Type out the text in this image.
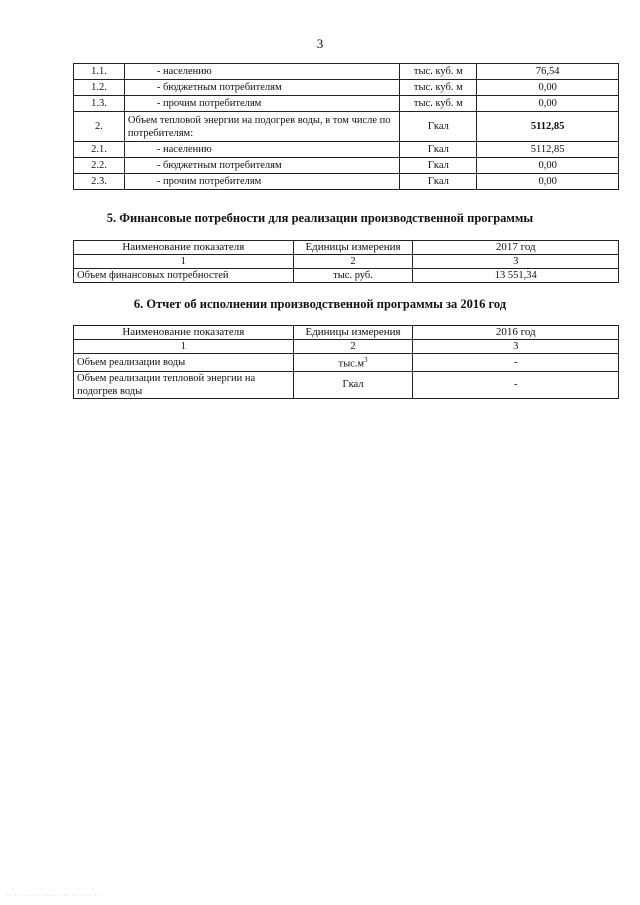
3
1.1.	- населению	тыс. куб. м	76,54
1.2.	- бюджетным потребителям	тыс. куб. м	0,00
1.3.	- прочим потребителям	тыс. куб. м	0,00
2.	Объем тепловой энергии на подогрев воды, в том числе по потребителям:	Гкал	5112,85
2.1.	- населению	Гкал	5112,85
2.2.	- бюджетным потребителям	Гкал	0,00
2.3.	- прочим потребителям	Гкал	0,00
5. Финансовые потребности для реализации производственной программы
Наименование показателя	Единицы измерения	2017 год
1	2	3
Объем финансовых потребностей	тыс. руб.	13 551,34
6. Отчет об исполнении производственной программы за 2016 год
Наименование показателя	Единицы измерения	2016 год
1	2	3
Объем реализации воды	$тыс.м^3$	-
Объем реализации тепловой энергии на подогрев воды	Гкал	-
·· ·· ··· ·· ····· ··· ·· ·· · · ·
